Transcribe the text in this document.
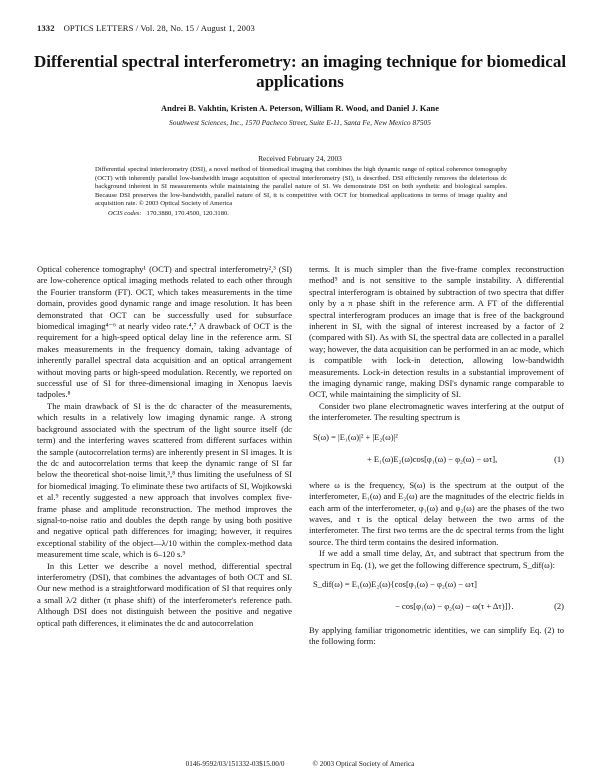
1332 OPTICS LETTERS / Vol. 28, No. 15 / August 1, 2003
Differential spectral interferometry: an imaging technique for biomedical applications
Andrei B. Vakhtin, Kristen A. Peterson, William R. Wood, and Daniel J. Kane
Southwest Sciences, Inc., 1570 Pacheco Street, Suite E-11, Santa Fe, New Mexico 87505
Received February 24, 2003

Differential spectral interferometry (DSI), a novel method of biomedical imaging that combines the high dynamic range of optical coherence tomography (OCT) with inherently parallel low-bandwidth image acquisition of spectral interferometry (SI), is described. DSI efficiently removes the deleterious dc background inherent in SI measurements while maintaining the parallel nature of SI. We demonstrate DSI on both synthetic and biological samples. Because DSI preserves the low-bandwidth, parallel nature of SI, it is competitive with OCT for biomedical applications in terms of image quality and acquisition rate. © 2003 Optical Society of America

OCIS codes: 170.3880, 170.4500, 120.3180.

Optical coherence tomography¹ (OCT) and spectral interferometry²,³ (SI) are low-coherence optical imaging methods related to each other through the Fourier transform (FT). OCT, which takes measurements in the time domain, provides good dynamic range and image resolution. It has been demonstrated that OCT can be successfully used for subsurface biomedical imaging⁴⁻⁶ at nearly video rate.⁴,⁷ A drawback of OCT is the requirement for a high-speed optical delay line in the reference arm. SI makes measurements in the frequency domain, taking advantage of inherently parallel spectral data acquisition and an optical arrangement without moving parts or high-speed modulation. Recently, we reported on successful use of SI for three-dimensional imaging in Xenopus laevis tadpoles.⁸

The main drawback of SI is the dc character of the measurements, which results in a relatively low imaging dynamic range. A strong background associated with the spectrum of the light source itself (dc term) and the interfering waves scattered from different surfaces within the sample (autocorrelation terms) are inherently present in SI images. It is the dc and autocorrelation terms that keep the dynamic range of SI far below the theoretical shot-noise limit,³,⁸ thus limiting the usefulness of SI for biomedical imaging. To eliminate these two artifacts of SI, Wojtkowski et al.⁹ recently suggested a new approach that involves complex five-frame phase and amplitude reconstruction. The method improves the signal-to-noise ratio and doubles the depth range by using both positive and negative optical path differences for imaging; however, it requires exceptional stability of the object—λ/10 within the complex-method data measurement time scale, which is 6–120 s.⁹

In this Letter we describe a novel method, differential spectral interferometry (DSI), that combines the advantages of both OCT and SI. Our new method is a straightforward modification of SI that requires only a small λ/2 dither (π phase shift) of the interferometer's reference path. Although DSI does not distinguish between the positive and negative optical path differences, it eliminates the dc and autocorrelation

terms. It is much simpler than the five-frame complex reconstruction method⁹ and is not sensitive to the sample instability. A differential spectral interferogram is obtained by subtraction of two spectra that differ only by a π phase shift in the reference arm. A FT of the differential spectral interferogram produces an image that is free of the background inherent in SI, with the signal of interest increased by a factor of 2 (compared with SI). As with SI, the spectral data are collected in a parallel way; however, the data acquisition can be performed in an ac mode, which is compatible with lock-in detection, allowing low-bandwidth measurements. Lock-in detection results in a substantial improvement of the imaging dynamic range, making DSI's dynamic range comparable to OCT, while maintaining the simplicity of SI.

Consider two plane electromagnetic waves interfering at the output of the interferometer. The resulting spectrum is

S(ω) = |E₁(ω)|² + |E₂(ω)|²
+ E₁(ω)E₂(ω)cos[φ₁(ω) − φ₂(ω) − ωτ],	(1)

where ω is the frequency, S(ω) is the spectrum at the output of the interferometer, E₁(ω) and E₂(ω) are the magnitudes of the electric fields in each arm of the interferometer, φ₁(ω) and φ₂(ω) are the phases of the two waves, and τ is the optical delay between the two arms of the interferometer. The first two terms are the dc spectral terms from the light source. The third term contains the desired information.

If we add a small time delay, Δτ, and subtract that spectrum from the spectrum in Eq. (1), we get the following difference spectrum, S_dif(ω):

S_dif(ω) = E₁(ω)E₂(ω){cos[φ₁(ω) − φ₂(ω) − ωτ]
− cos[φ₁(ω) − φ₂(ω) − ω(τ + Δτ)]}.	(2)

By applying familiar trigonometric identities, we can simplify Eq. (2) to the following form:

0146-9592/03/151332-03$15.00/0	© 2003 Optical Society of America
